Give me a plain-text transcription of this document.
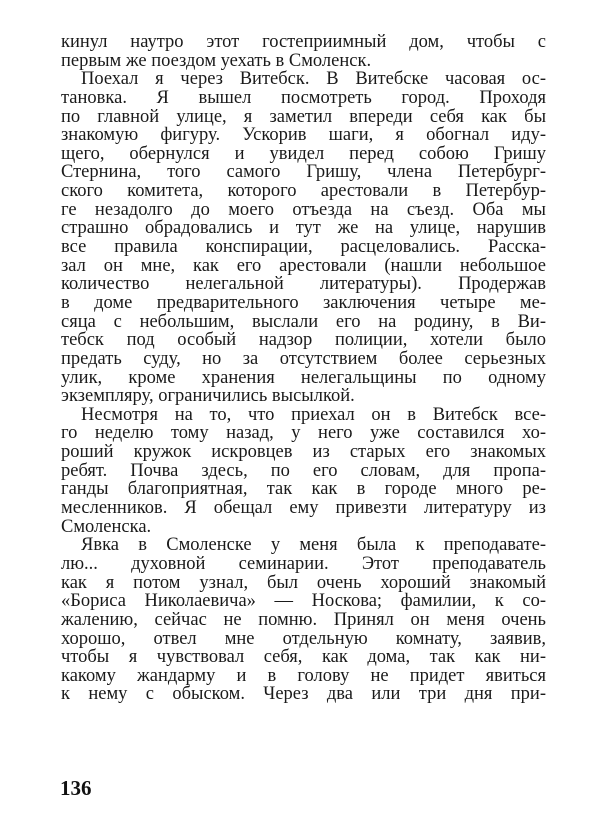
кинул наутро этот гостеприимный дом, чтобы с
первым же поездом уехать в Смоленск.
Поехал я через Витебск. В Витебске часовая ос-
тановка. Я вышел посмотреть город. Проходя
по главной улице, я заметил впереди себя как бы
знакомую фигуру. Ускорив шаги, я обогнал иду-
щего, обернулся и увидел перед собою Гришу
Стернина, того самого Гришу, члена Петербург-
ского комитета, которого арестовали в Петербур-
ге незадолго до моего отъезда на съезд. Оба мы
страшно обрадовались и тут же на улице, нарушив
все правила конспирации, расцеловались. Расска-
зал он мне, как его арестовали (нашли небольшое
количество нелегальной литературы). Продержав
в доме предварительного заключения четыре ме-
сяца с небольшим, выслали его на родину, в Ви-
тебск под особый надзор полиции, хотели было
предать суду, но за отсутствием более серьезных
улик, кроме хранения нелегальщины по одному
экземпляру, ограничились высылкой.
Несмотря на то, что приехал он в Витебск все-
го неделю тому назад, у него уже составился хо-
роший кружок искровцев из старых его знакомых
ребят. Почва здесь, по его словам, для пропа-
ганды благоприятная, так как в городе много ре-
месленников. Я обещал ему привезти литературу из
Смоленска.
Явка в Смоленске у меня была к преподавате-
лю... духовной семинарии. Этот преподаватель
как я потом узнал, был очень хороший знакомый
«Бориса Николаевича» — Носкова; фамилии, к со-
жалению, сейчас не помню. Принял он меня очень
хорошо, отвел мне отдельную комнату, заявив,
чтобы я чувствовал себя, как дома, так как ни-
какому жандарму и в голову не придет явиться
к нему с обыском. Через два или три дня при-
136
